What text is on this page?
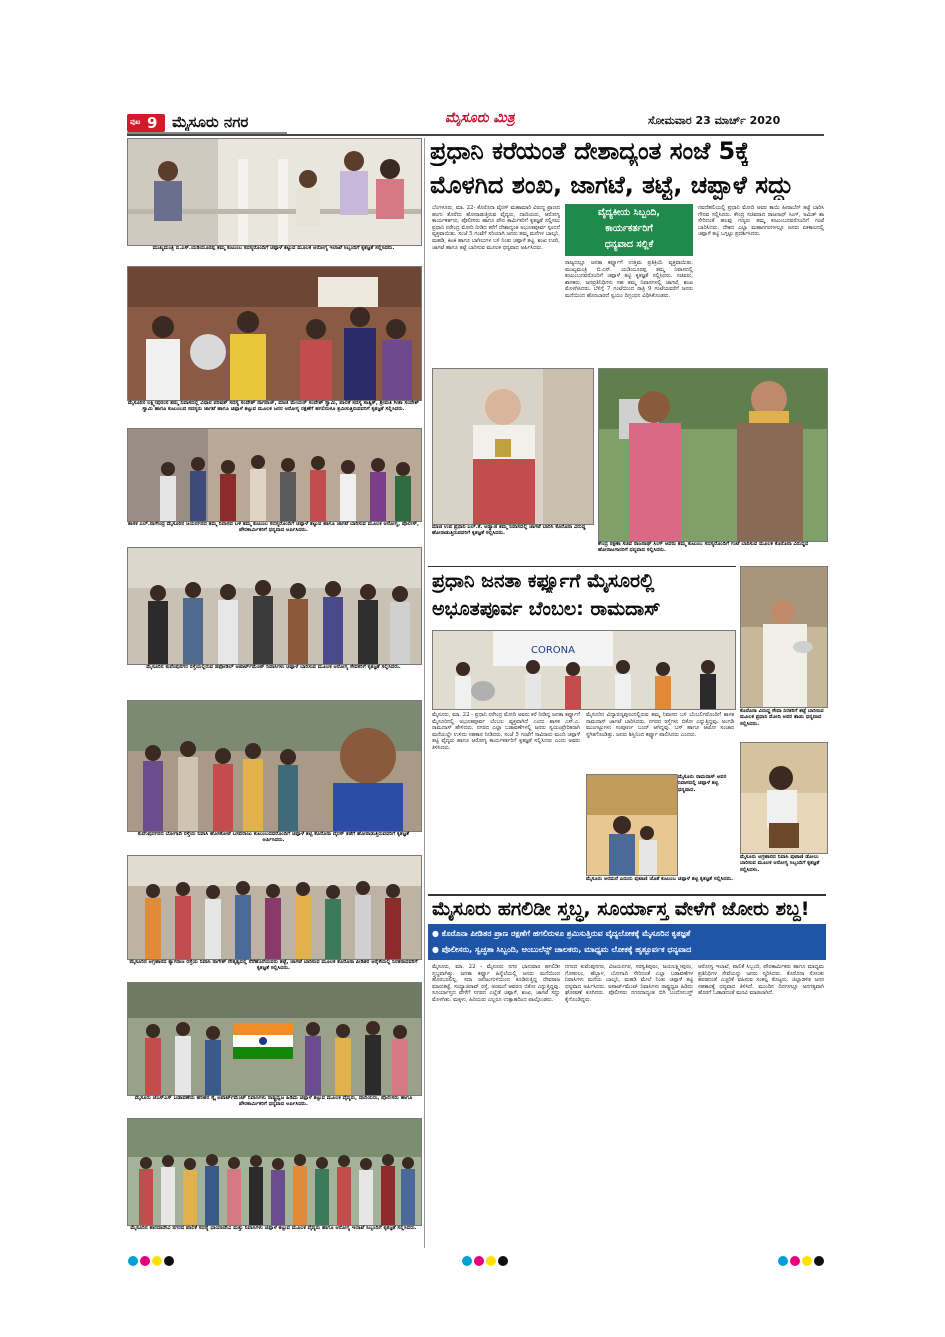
ಪುಟ 9 ಮೈಸೂರು ನಗರ	ಮೈಸೂರು ಮಿತ್ರ	ಸೋಮವಾರ 23 ಮಾರ್ಚ್ 2020
ಮುಖ್ಯಮಂತ್ರಿ ಬಿ.ಎಸ್.ಯಡಿಯೂರಪ್ಪ ತಮ್ಮ ಕುಟುಂಬ ಸದಸ್ಯರೊಂದಿಗೆ ಚಪ್ಪಾಳೆ ತಟ್ಟುವ ಮೂಲಕ ಆರೋಗ್ಯ ಇಲಾಖೆ ಸಿಬ್ಬಂದಿಗೆ ಕೃತಜ್ಞತೆ ಸಲ್ಲಿಸಿದರು.
ಮೈಸೂರಿನ ಲಕ್ಷ್ಮೀಪುರಂನ ತಮ್ಮ ನಿವಾಸದಲ್ಲಿ ವಿಧಾನ ಪರಿಷತ್ ಸದಸ್ಯ ಸಂದೇಶ್ ನಾಗರಾಜ್, ಮಾಜಿ ಮೇಯರ್ ಸಂದೇಶ್ ಸ್ವಾಮಿ, ಪಾಲಿಕೆ ಸದಸ್ಯ ಸಾತ್ವಿಕ್, ಶ್ರೀಮತಿ ಗೀತಾ ಸಂದೇಶ್ ಸ್ವಾಮಿ ಹಾಗೂ ಕುಟುಂಬದ ಸದಸ್ಯರು ಜಾಗಟೆ ಹಾಗೂ ಚಪ್ಪಾಳೆ ತಟ್ಟುವ ಮೂಲಕ ಜನರ ಆರೋಗ್ಯ ರಕ್ಷಣೆಗೆ ಹಗಲಿರುಳೂ ಶ್ರಮಿಸುತ್ತಿರುವವರಿಗೆ ಕೃತಜ್ಞತೆ ಸಲ್ಲಿಸಿದರು.
ಶಾಸಕ ಎಲ್.ನಾಗೇಂದ್ರ ಮೈಸೂರಿನ ಜಯನಗರದ ತಮ್ಮ ನಿವಾಸದ ಬಳಿ ತಮ್ಮ ಕುಟುಂಬ ಸದಸ್ಯರೊಂದಿಗೆ ಚಪ್ಪಾಳೆ ತಟ್ಟುವ ಹಾಗೂ ಜಾಗಟೆ ಬಾರಿಸುವ ಮೂಲಕ ಆರೋಗ್ಯ, ಪೊಲೀಸ್, ಪೌರಕಾರ್ಮಿಕರಿಗೆ ಧನ್ಯವಾದ ಅರ್ಪಿಸಿದರು.
ಮೈಸೂರಿನ ಕುವೆಂಪುನಗರ ರಸ್ತೆಯಲ್ಲಿರುವ ಡಫೋಡಿಲ್ ಅಪಾರ್ಟ್‌ಮೆಂಟ್ ನಿವಾಸಿಗಳು ಚಪ್ಪಾಳೆ ಬಾರಿಸುವ ಮೂಲಕ ಆರೋಗ್ಯ ಸೇವಕರಿಗೆ ಕೃತಜ್ಞತೆ ಸಲ್ಲಿಸಿದರು.
ಕುವೆಂಪುನಗರದ ಬೋಗಾದಿ ರಸ್ತೆಯ ನಿವಾಸಿ ಹೊಸಕೋಟೆ ಬಸವರಾಜು ಕುಟುಂಬದವರೊಂದಿಗೆ ಚಪ್ಪಾಳೆ ತಟ್ಟಿ ಕೊರೊನಾ ವೈರಸ್ ತಡೆಗೆ ಹೋರಾಡುತ್ತಿರುವವರಿಗೆ ಕೃತಜ್ಞತೆ ಅರ್ಪಿಸಿದರು.
ಮೈಸೂರಿನ ಅಗ್ರಹಾರದ ತ್ಯಾಗರಾಜ ರಸ್ತೆಯ ನಿವಾಸಿ ನಾಗೇಶ್ ನೇತೃತ್ವದಲ್ಲಿ ನೆರೆಹೊರೆಯವರು ತಟ್ಟೆ, ಜಾಗಟೆ ಬಾರಿಸುವ ಮೂಲಕ ಕೊರೊನಾ ಪೀಡಿತರ ಆರೈಕೆಯಲ್ಲಿ ನಿರತರಾದವರಿಗೆ ಕೃತಜ್ಞತೆ ಸಲ್ಲಿಸಿದರು.
ಮೈಸೂರು ಜೆಎಸ್‌ಎಸ್ ಬಡಾವಣೆಯ ಹರಿಹರ ಸ್ಕೈ ಅಪಾರ್ಟ್‌ಮೆಂಟ್ ನಿವಾಸಿಗಳು ರಾಷ್ಟ್ರಧ್ವಜ ಹಿಡಿದು ಚಪ್ಪಾಳೆ ತಟ್ಟುವ ಮೂಲಕ ವೈದ್ಯರು, ದಾದಿಯರು, ಪೊಲೀಸರು ಹಾಗೂ ಪೌರಕಾರ್ಮಿಕರಿಗೆ ಧನ್ಯವಾದ ಅರ್ಪಿಸಿದರು.
ಮೈಸೂರಿನ ಶಾರದಾದೇವಿ ನಗರದ ಪಾಲಿಕೆ ಸದಸ್ಯೆ ಛಾಯಾದೇವಿ ಮತ್ತು ನಿವಾಸಿಗಳು ಚಪ್ಪಾಳೆ ತಟ್ಟುವ ಮೂಲಕ ವೈದ್ಯರು ಹಾಗೂ ಆರೋಗ್ಯ ಇಲಾಖೆ ಸಿಬ್ಬಂದಿಗೆ ಕೃತಜ್ಞತೆ ಸಲ್ಲಿಸಿದರು.
ಪ್ರಧಾನಿ ಕರೆಯಂತೆ ದೇಶಾದ್ಯಂತ ಸಂಜೆ 5ಕ್ಕೆ
ಮೊಳಗಿದ ಶಂಖ, ಜಾಗಟೆ, ತಟ್ಟೆ, ಚಪ್ಪಾಳೆ ಸದ್ದು
ಬೆಂಗಳೂರು, ಮಾ. 22- ಕೊರೊನಾ ವೈರಸ್ ಮಹಾಮಾರಿ ವಿರುದ್ಧ ಪ್ರಾಣದ ಹಂಗು ತೊರೆದು ಹೋರಾಡುತ್ತಿರುವ ವೈದ್ಯರು, ದಾದಿಯರು, ಆರೋಗ್ಯ ಕಾರ್ಯಕರ್ತರು, ಪೊಲೀಸರು ಹಾಗೂ ಪೌರ ಕಾರ್ಮಿಕರಿಗೆ ಕೃತಜ್ಞತೆ ಸಲ್ಲಿಸಲು ಪ್ರಧಾನಿ ನರೇಂದ್ರ ಮೋದಿ ನೀಡಿದ ಕರೆಗೆ ದೇಶಾದ್ಯಂತ ಅಭೂತಪೂರ್ವ ಸ್ಪಂದನೆ ವ್ಯಕ್ತವಾಯಿತು. ಸಂಜೆ 5 ಗಂಟೆಗೆ ಸರಿಯಾಗಿ ಜನರು ತಮ್ಮ ಮನೆಗಳ ಬಾಲ್ಕನಿ, ಮಹಡಿ, ಕಿಟಕಿ ಹಾಗೂ ಬಾಗಿಲುಗಳ ಬಳಿ ನಿಂತು ಚಪ್ಪಾಳೆ ತಟ್ಟಿ, ಶಂಖ ಊದಿ, ಜಾಗಟೆ ಹಾಗೂ ತಟ್ಟೆ ಬಾರಿಸುವ ಮೂಲಕ ಧನ್ಯವಾದ ಅರ್ಪಿಸಿದರು.
ವೈದ್ಯಕೀಯ ಸಿಬ್ಬಂದಿ,
ಕಾರ್ಯಕರ್ತರಿಗೆ
ಧನ್ಯವಾದ ಸಲ್ಲಿಕೆ
ರಾಜ್ಯದಲ್ಲೂ ಜನತಾ ಕರ್ಫ್ಯೂಗೆ ಉತ್ತಮ ಪ್ರತಿಕ್ರಿಯೆ ವ್ಯಕ್ತವಾಯಿತು. ಮುಖ್ಯಮಂತ್ರಿ ಬಿ.ಎಸ್. ಯಡಿಯೂರಪ್ಪ ತಮ್ಮ ನಿವಾಸದಲ್ಲಿ ಕುಟುಂಬದವರೊಂದಿಗೆ ಚಪ್ಪಾಳೆ ತಟ್ಟಿ ಕೃತಜ್ಞತೆ ಸಲ್ಲಿಸಿದರು. ಸಚಿವರು, ಶಾಸಕರು, ಜನಪ್ರತಿನಿಧಿಗಳು ಸಹ ತಮ್ಮ ನಿವಾಸಗಳಲ್ಲಿ ಜಾಗಟೆ, ಶಂಖ ಮೊಳಗಿಸಿದರು. ಬೆಳಿಗ್ಗೆ 7 ಗಂಟೆಯಿಂದ ರಾತ್ರಿ 9 ಗಂಟೆಯವರೆಗೆ ಜನರು ಮನೆಯಿಂದ ಹೊರಬಾರದೆ ಸ್ವಯಂ ದಿಗ್ಬಂಧನ ವಿಧಿಸಿಕೊಂಡರು.
ನವದೆಹಲಿಯಲ್ಲಿ ಪ್ರಧಾನಿ ಮೋದಿ ಅವರ ತಾಯಿ ಹೀರಾಬೆನ್ ತಟ್ಟೆ ಬಾರಿಸಿ ಗೌರವ ಸಲ್ಲಿಸಿದರು. ಕೇಂದ್ರ ಸಚಿವರಾದ ರಾಜನಾಥ್ ಸಿಂಗ್, ಅಮಿತ್ ಶಾ ಸೇರಿದಂತೆ ಹಲವು ಗಣ್ಯರು ತಮ್ಮ ಕುಟುಂಬದವರೊಂದಿಗೆ ಗಂಟೆ ಬಾರಿಸಿದರು. ದೇಶದ ಎಲ್ಲಾ ಮಹಾನಗರಗಳಲ್ಲೂ ಜನರು ಏಕಕಾಲದಲ್ಲಿ ಚಪ್ಪಾಳೆ ತಟ್ಟಿ ಒಗ್ಗಟ್ಟು ಪ್ರದರ್ಶಿಸಿದರು.
ಮಾಜಿ ಉಪ ಪ್ರಧಾನಿ ಎಲ್.ಕೆ. ಅಡ್ವಾಣಿ ತಮ್ಮ ನಿವಾಸದಲ್ಲಿ ಜಾಗಟೆ ಬಾರಿಸಿ ಕೊರೊನಾ ವಿರುದ್ಧ ಹೋರಾಡುತ್ತಿರುವವರಿಗೆ ಕೃತಜ್ಞತೆ ಸಲ್ಲಿಸಿದರು.
ಕೇಂದ್ರ ರಕ್ಷಣಾ ಸಚಿವ ರಾಜನಾಥ್ ಸಿಂಗ್ ಅವರು ತಮ್ಮ ಕುಟುಂಬ ಸದಸ್ಯರೊಂದಿಗೆ ಗಂಟೆ ಬಾರಿಸುವ ಮೂಲಕ ಕೊರೊನಾ ವಿರುದ್ಧದ ಹೋರಾಟಗಾರರಿಗೆ ಧನ್ಯವಾದ ಸಲ್ಲಿಸಿದರು.
ಪ್ರಧಾನಿ ಜನತಾ ಕರ್ಫ್ಯೂಗೆ ಮೈಸೂರಲ್ಲಿ
ಅಭೂತಪೂರ್ವ ಬೆಂಬಲ: ರಾಮದಾಸ್
CORONA
ಮೈಸೂರು, ಮಾ. 22 - ಪ್ರಧಾನಿ ನರೇಂದ್ರ ಮೋದಿ ಅವರು ಕರೆ ನೀಡಿದ್ದ ಜನತಾ ಕರ್ಫ್ಯೂಗೆ ಮೈಸೂರಿನಲ್ಲಿ ಅಭೂತಪೂರ್ವ ಬೆಂಬಲ ವ್ಯಕ್ತವಾಗಿದೆ ಎಂದು ಶಾಸಕ ಎಸ್.ಎ. ರಾಮದಾಸ್ ಹೇಳಿದರು. ನಗರದ ಎಲ್ಲಾ ಬಡಾವಣೆಗಳಲ್ಲಿ ಜನರು ಸ್ವಯಂಪ್ರೇರಿತರಾಗಿ ಮನೆಯಲ್ಲೇ ಉಳಿದು ಸಹಕಾರ ನೀಡಿದರು. ಸಂಜೆ 5 ಗಂಟೆಗೆ ಸಾವಿರಾರು ಮಂದಿ ಚಪ್ಪಾಳೆ ತಟ್ಟಿ ವೈದ್ಯರು ಹಾಗೂ ಆರೋಗ್ಯ ಕಾರ್ಯಕರ್ತರಿಗೆ ಕೃತಜ್ಞತೆ ಸಲ್ಲಿಸಿದರು ಎಂದು ಅವರು ತಿಳಿಸಿದರು.
ಮೈಸೂರಿನ ವಿದ್ಯಾರಣ್ಯಪುರಂನಲ್ಲಿರುವ ತಮ್ಮ ನಿವಾಸದ ಬಳಿ ಬೆಂಬಲಿಗರೊಂದಿಗೆ ಶಾಸಕ ರಾಮದಾಸ್ ಜಾಗಟೆ ಬಾರಿಸಿದರು. ನಗರದ ರಸ್ತೆಗಳು ಬಿಕೋ ಎನ್ನುತ್ತಿದ್ದವು. ಅಂಗಡಿ ಮುಂಗಟ್ಟುಗಳು ಸಂಪೂರ್ಣ ಬಂದ್ ಆಗಿದ್ದವು. ಬಸ್ ಹಾಗೂ ಆಟೋ ಸಂಚಾರ ಸ್ಥಗಿತಗೊಂಡಿತ್ತು. ಜನರು ಶಿಸ್ತಿನಿಂದ ಕರ್ಫ್ಯೂ ಪಾಲಿಸಿದರು ಎಂದರು.
ಮೈಸೂರು ರಾಮದಾಸ್ ಅವರ ನಿವಾಸದಲ್ಲಿ ಚಪ್ಪಾಳೆ ತಟ್ಟಿ ಧನ್ಯವಾದ.
ಮೈಸೂರು ಅರಮನೆ ಎದುರು ಪುಟಾಣಿ ಜೊತೆ ಕುಟುಂಬ ಚಪ್ಪಾಳೆ ತಟ್ಟಿ ಕೃತಜ್ಞತೆ ಸಲ್ಲಿಸಿದರು.
ಕೊರೊನಾ ವಿರುದ್ಧ ಸೇವಾ ನಿರತರಿಗೆ ತಟ್ಟೆ ಬಾರಿಸುವ ಮೂಲಕ ಪ್ರಧಾನಿ ಮೋದಿ ಅವರ ತಾಯಿ ಧನ್ಯವಾದ ಸಲ್ಲಿಸಿದರು.
ಮೈಸೂರು ಅಗ್ರಹಾರದ ನಿವಾಸಿ ಪುಟಾಣಿ ಡೋಲು ಬಾರಿಸುವ ಮೂಲಕ ಆರೋಗ್ಯ ಸಿಬ್ಬಂದಿಗೆ ಕೃತಜ್ಞತೆ ಸಲ್ಲಿಸಿದಳು.
ಮೈಸೂರು ಹಗಲಿಡೀ ಸ್ತಬ್ಧ, ಸೂರ್ಯಾಸ್ತ ವೇಳೆಗೆ ಜೋರು ಶಬ್ದ!
● ಕೊರೊನಾ ಪೀಡಿತರ ಪ್ರಾಣ ರಕ್ಷಣೆಗೆ ಹಗಲಿರುಳೂ ಶ್ರಮಿಸುತ್ತಿರುವ ವೈದ್ಯಲೋಕಕ್ಕೆ ಮೈಸೂರಿನ ಕೃತಜ್ಞತೆ
● ಪೊಲೀಸರು, ಸ್ವಚ್ಛತಾ ಸಿಬ್ಬಂದಿ, ಆಂಬುಲೆನ್ಸ್ ಚಾಲಕರು, ಮಾಧ್ಯಮ ಲೋಕಕ್ಕೆ ಹೃತ್ಪೂರ್ವಕ ಧನ್ಯವಾದ
ಮೈಸೂರು, ಮಾ. 22 - ಮೈಸೂರು ನಗರ ಭಾನುವಾರ ಹಗಲಿಡೀ ಸ್ತಬ್ಧವಾಗಿತ್ತು. ಜನತಾ ಕರ್ಫ್ಯೂ ಹಿನ್ನೆಲೆಯಲ್ಲಿ ಜನರು ಮನೆಯಿಂದ ಹೊರಬರಲಿಲ್ಲ. ಸದಾ ಜನಜಂಗುಳಿಯಿಂದ ಕೂಡಿರುತ್ತಿದ್ದ ದೇವರಾಜ ಮಾರುಕಟ್ಟೆ, ಸಯ್ಯಾಜಿರಾವ್ ರಸ್ತೆ, ಅರಮನೆ ಆವರಣ ಬಿಕೋ ಎನ್ನುತ್ತಿದ್ದವು. ಸೂರ್ಯಾಸ್ತದ ವೇಳೆಗೆ ನಗರದ ಎಲ್ಲೆಡೆ ಚಪ್ಪಾಳೆ, ಶಂಖ, ಜಾಗಟೆ ಸದ್ದು ಮೊಳಗಿತು. ಮಕ್ಕಳು, ಹಿರಿಯರು ಎಲ್ಲರೂ ಉತ್ಸಾಹದಿಂದ ಪಾಲ್ಗೊಂಡರು.
ನಗರದ ಕುವೆಂಪುನಗರ, ವಿಜಯನಗರ, ಸರಸ್ವತಿಪುರಂ, ಜಯಲಕ್ಷ್ಮೀಪುರಂ, ಗೋಕುಲಂ, ಹೆಬ್ಬಾಳ, ಬೋಗಾದಿ ಸೇರಿದಂತೆ ಎಲ್ಲಾ ಬಡಾವಣೆಗಳ ನಿವಾಸಿಗಳು ಮನೆಯ ಬಾಲ್ಕನಿ, ಮಹಡಿ ಮೇಲೆ ನಿಂತು ಚಪ್ಪಾಳೆ ತಟ್ಟಿ ಧನ್ಯವಾದ ಅರ್ಪಿಸಿದರು. ಅಪಾರ್ಟ್‌ಮೆಂಟ್ ನಿವಾಸಿಗಳು ರಾಷ್ಟ್ರಧ್ವಜ ಹಿಡಿದು ಘೋಷಣೆ ಕೂಗಿದರು. ಪೊಲೀಸರು ನಗರದಾದ್ಯಂತ ಬಿಗಿ ಬಂದೋಬಸ್ತ್ ಕೈಗೊಂಡಿದ್ದರು.
ಆರೋಗ್ಯ ಇಲಾಖೆ, ಪಾಲಿಕೆ ಸಿಬ್ಬಂದಿ, ಪೌರಕಾರ್ಮಿಕರು ಹಾಗೂ ಮಾಧ್ಯಮ ಪ್ರತಿನಿಧಿಗಳ ಸೇವೆಯನ್ನು ಜನರು ಸ್ಮರಿಸಿದರು. ಕೊರೊನಾ ಸೋಂಕು ಹರಡದಂತೆ ಎಚ್ಚರಿಕೆ ವಹಿಸುವ ಸಂಕಲ್ಪ ತೊಟ್ಟರು. ಜಿಲ್ಲಾಡಳಿತ ಜನರ ಸಹಕಾರಕ್ಕೆ ಧನ್ಯವಾದ ತಿಳಿಸಿದೆ. ಮುಂದಿನ ದಿನಗಳಲ್ಲೂ ಅನಗತ್ಯವಾಗಿ ಹೊರಗೆ ಓಡಾಡದಂತೆ ಮನವಿ ಮಾಡಲಾಗಿದೆ.
